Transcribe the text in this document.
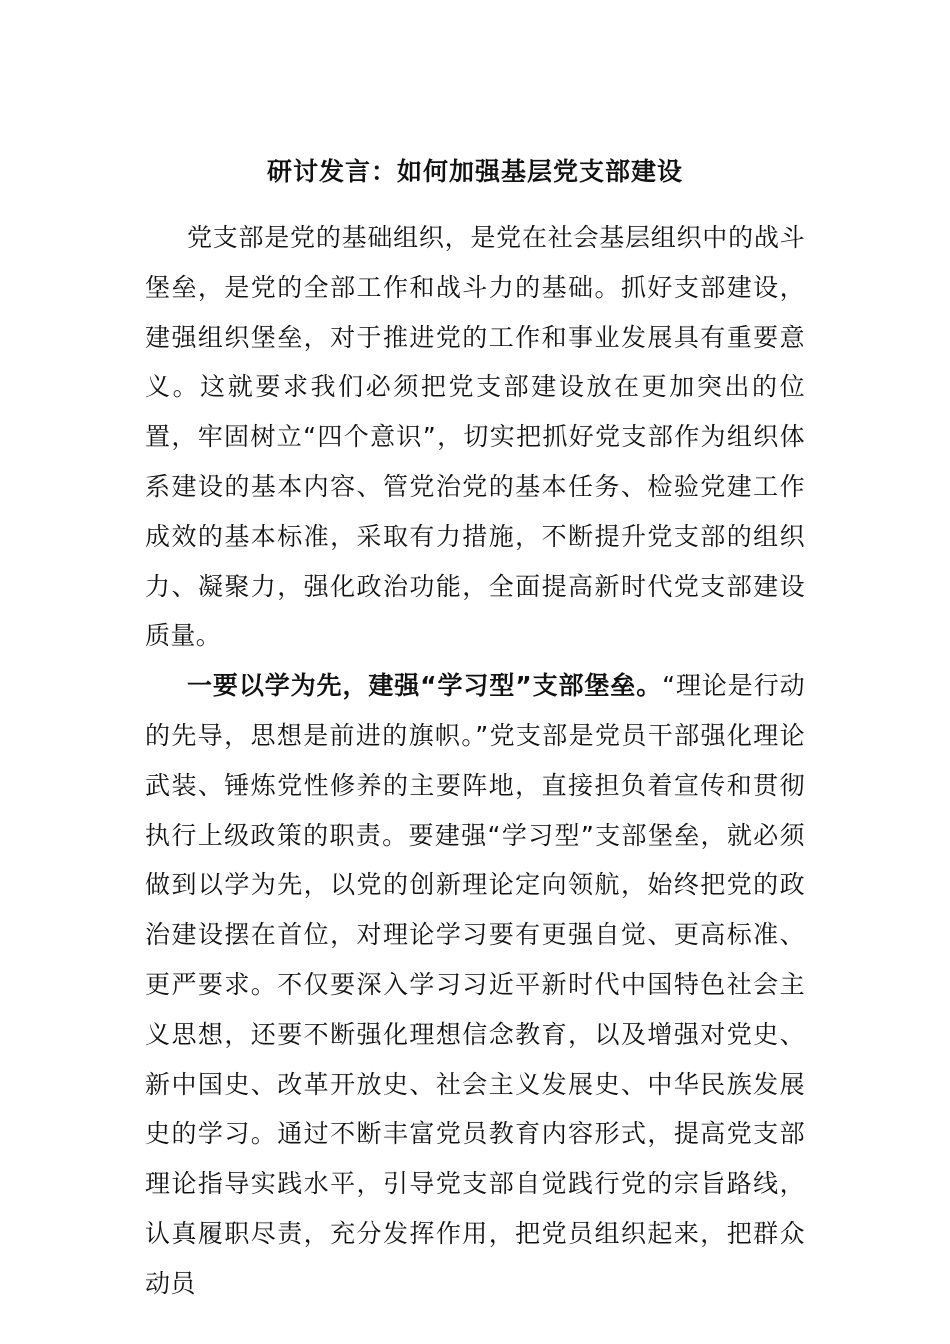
研讨发言：如何加强基层党支部建设

党支部是党的基础组织，是党在社会基层组织中的战斗堡垒，是党的全部工作和战斗力的基础。抓好支部建设，建强组织堡垒，对于推进党的工作和事业发展具有重要意义。这就要求我们必须把党支部建设放在更加突出的位置，牢固树立“四个意识”，切实把抓好党支部作为组织体系建设的基本内容、管党治党的基本任务、检验党建工作成效的基本标准，采取有力措施，不断提升党支部的组织力、凝聚力，强化政治功能，全面提高新时代党支部建设质量。

一要以学为先，建强“学习型”支部堡垒。“理论是行动的先导，思想是前进的旗帜。”党支部是党员干部强化理论武装、锤炼党性修养的主要阵地，直接担负着宣传和贯彻执行上级政策的职责。要建强“学习型”支部堡垒，就必须做到以学为先，以党的创新理论定向领航，始终把党的政治建设摆在首位，对理论学习要有更强自觉、更高标准、更严要求。不仅要深入学习习近平新时代中国特色社会主义思想，还要不断强化理想信念教育，以及增强对党史、新中国史、改革开放史、社会主义发展史、中华民族发展史的学习。通过不断丰富党员教育内容形式，提高党支部理论指导实践水平，引导党支部自觉践行党的宗旨路线，认真履职尽责，充分发挥作用，把党员组织起来，把群众动员
